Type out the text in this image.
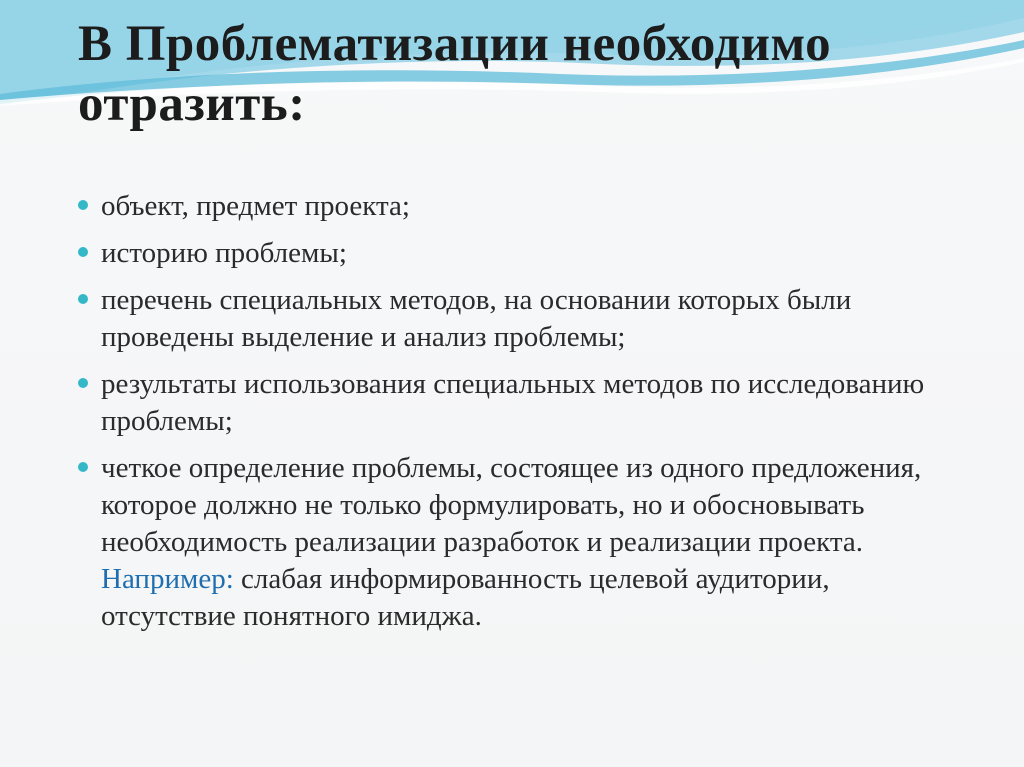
В Проблематизации необходимо отразить:
объект, предмет проекта;
историю проблемы;
перечень специальных методов, на основании которых были проведены выделение и анализ проблемы;
результаты использования специальных методов по исследованию проблемы;
четкое определение проблемы, состоящее из одного предложения, которое должно не только формулировать, но и обосновывать необходимость реализации разработок и реализации проекта. Например: слабая информированность целевой аудитории, отсутствие понятного имиджа.
